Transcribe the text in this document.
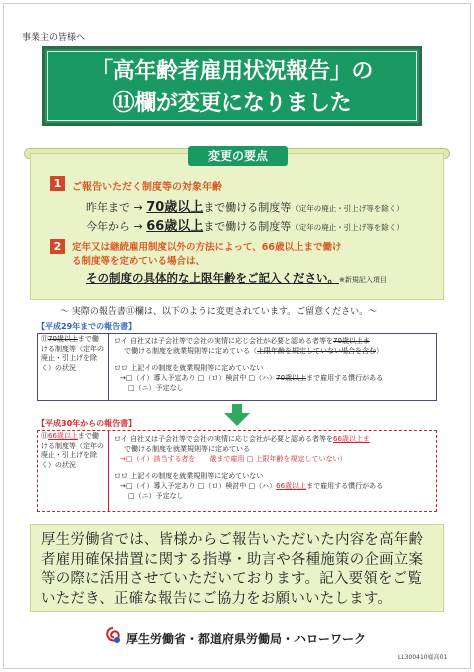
事業主の皆様へ
「高年齢者雇用状況報告」の
⑪欄が変更になりました
変更の要点
1	ご報告いただく制度等の対象年齢
昨年まで → 70歳以上まで働ける制度等（定年の廃止・引上げ等を除く）
今年から → 66歳以上まで働ける制度等（定年の廃止・引上げ等を除く）
2	定年又は継続雇用制度以外の方法によって、66歳以上まで働け
る制度等を定めている場合は、
その制度の具体的な上限年齢をご記入ください。※新規記入項目
～ 実際の報告書⑪欄は、以下のように変更されています。ご留意ください。～
【平成29年までの報告書】
⑪70歳以上まで働ける制度等（定年の廃止・引上げを除く）の状況
ロイ 自社又は子会社等で会社の実情に応じ会社が必要と認める者等を70歳以上ま
で働ける制度を就業規則等に定めている（上限年齢を規定していない場合を含む）
ロロ 上記イの制度を就業規則等に定めていない
→□（イ）導入予定あり □（ロ）検討中 □（ハ）70歳以上まで雇用する慣行がある
□（ニ）予定なし
【平成30年からの報告書】
⑪66歳以上まで働ける制度等（定年の廃止・引上げを除く）の状況
ロイ 自社又は子会社等で会社の実情に応じ会社が必要と認める者等を66歳以上ま
で働ける制度を就業規則等に定めている
→□（イ）該当する者を　　歳まで雇用 □ 上限年齢を規定していない）
ロロ 上記イの制度を就業規則等に定めていない
→□（イ）導入予定あり □（ロ）検討中 □（ハ）66歳以上まで雇用する慣行がある
□（ニ）予定なし
厚生労働省では、皆様からご報告いただいた内容を高年齢者雇用確保措置に関する指導・助言や各種施策の企画立案等の際に活用させていただいております。記入要領をご覧いただき、正確な報告にご協力をお願いいたします。
厚生労働省・都道府県労働局・ハローワーク
LL300410雇高01
